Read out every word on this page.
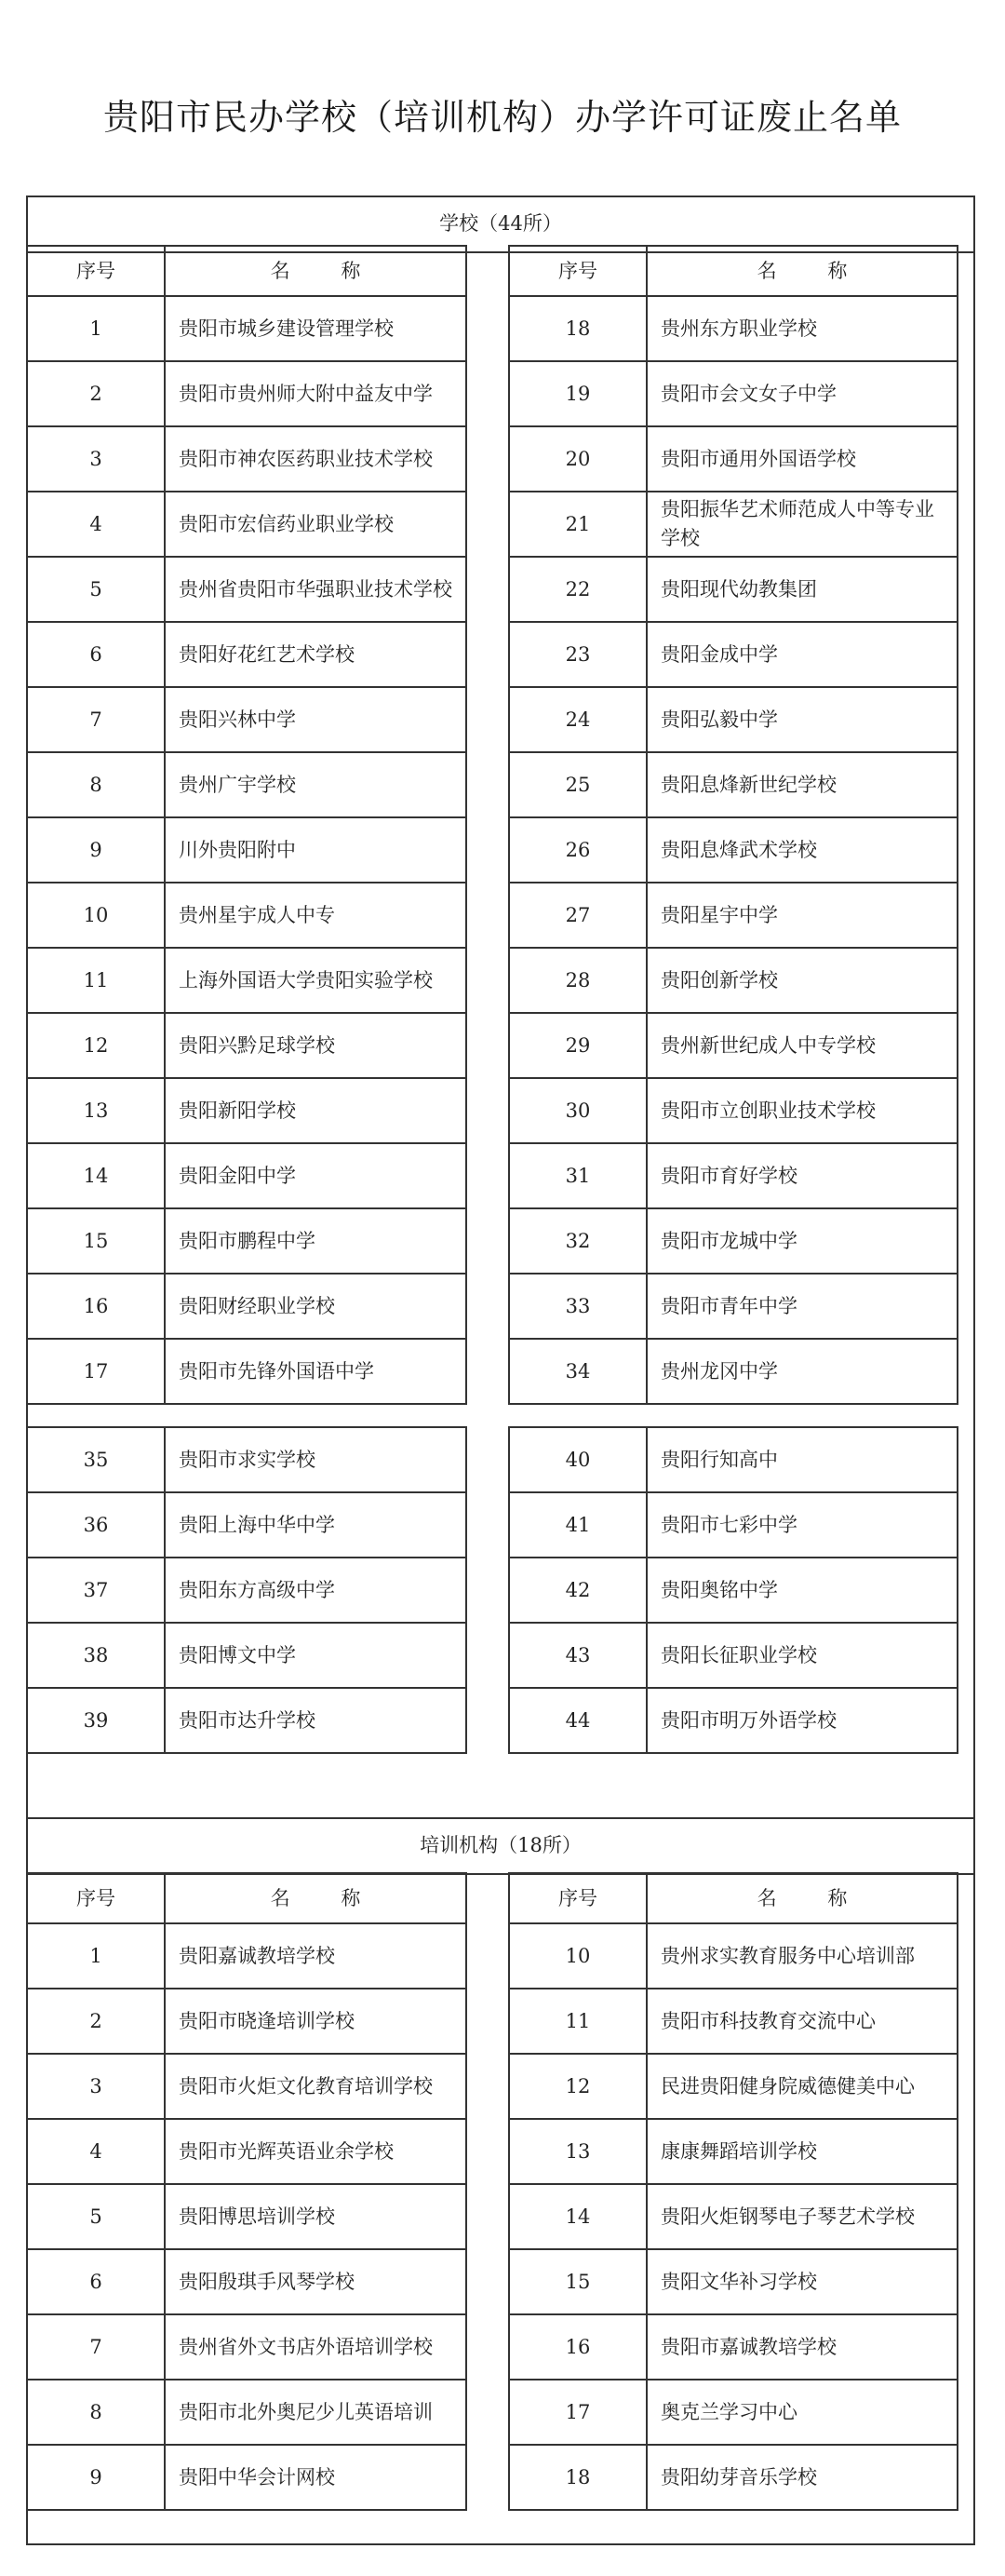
贵阳市民办学校（培训机构）办学许可证废止名单
学校（44所）
序号	名 称
1	贵阳市城乡建设管理学校
2	贵阳市贵州师大附中益友中学
3	贵阳市神农医药职业技术学校
4	贵阳市宏信药业职业学校
5	贵州省贵阳市华强职业技术学校
6	贵阳好花红艺术学校
7	贵阳兴林中学
8	贵州广宇学校
9	川外贵阳附中
10	贵州星宇成人中专
11	上海外国语大学贵阳实验学校
12	贵阳兴黔足球学校
13	贵阳新阳学校
14	贵阳金阳中学
15	贵阳市鹏程中学
16	贵阳财经职业学校
17	贵阳市先锋外国语中学
序号	名 称
18	贵州东方职业学校
19	贵阳市会文女子中学
20	贵阳市通用外国语学校
21	贵阳振华艺术师范成人中等专业学校
22	贵阳现代幼教集团
23	贵阳金成中学
24	贵阳弘毅中学
25	贵阳息烽新世纪学校
26	贵阳息烽武术学校
27	贵阳星宇中学
28	贵阳创新学校
29	贵州新世纪成人中专学校
30	贵阳市立创职业技术学校
31	贵阳市育好学校
32	贵阳市龙城中学
33	贵阳市青年中学
34	贵州龙冈中学
35	贵阳市求实学校
36	贵阳上海中华中学
37	贵阳东方高级中学
38	贵阳博文中学
39	贵阳市达升学校
40	贵阳行知高中
41	贵阳市七彩中学
42	贵阳奥铭中学
43	贵阳长征职业学校
44	贵阳市明万外语学校
培训机构（18所）
序号	名 称
1	贵阳嘉诚教培学校
2	贵阳市晓逢培训学校
3	贵阳市火炬文化教育培训学校
4	贵阳市光辉英语业余学校
5	贵阳博思培训学校
6	贵阳殷琪手风琴学校
7	贵州省外文书店外语培训学校
8	贵阳市北外奥尼少儿英语培训
9	贵阳中华会计网校
序号	名 称
10	贵州求实教育服务中心培训部
11	贵阳市科技教育交流中心
12	民进贵阳健身院威德健美中心
13	康康舞蹈培训学校
14	贵阳火炬钢琴电子琴艺术学校
15	贵阳文华补习学校
16	贵阳市嘉诚教培学校
17	奥克兰学习中心
18	贵阳幼芽音乐学校
